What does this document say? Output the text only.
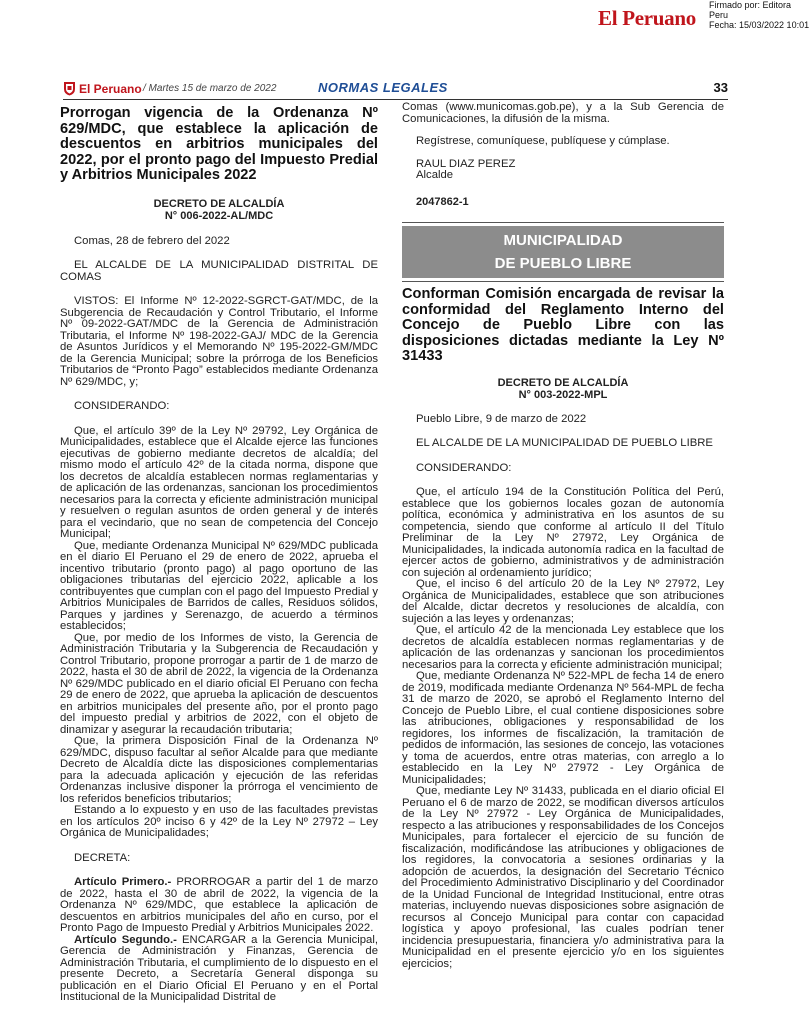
El Peruano
Firmado por: Editora
Peru
Fecha: 15/03/2022 10:01
El Peruano / Martes 15 de marzo de 2022	NORMAS LEGALES	33

Prorrogan vigencia de la Ordenanza Nº 629/MDC, que establece la aplicación de descuentos en arbitrios municipales del 2022, por el pronto pago del Impuesto Predial y Arbitrios Municipales 2022

DECRETO DE ALCALDÍA

N° 006-2022-AL/MDC

Comas, 28 de febrero del 2022

EL ALCALDE DE LA MUNICIPALIDAD DISTRITAL DE COMAS

VISTOS: El Informe Nº 12-2022-SGRCT-GAT/MDC, de la Subgerencia de Recaudación y Control Tributario, el Informe Nº 09-2022-GAT/MDC de la Gerencia de Administración Tributaria, el Informe Nº 198-2022-GAJ/ MDC de la Gerencia de Asuntos Jurídicos y el Memorando Nº 195-2022-GM/MDC de la Gerencia Municipal; sobre la prórroga de los Beneficios Tributarios de “Pronto Pago” establecidos mediante Ordenanza Nº 629/MDC, y;

CONSIDERANDO:

Que, el artículo 39º de la Ley Nº 29792, Ley Orgánica de Municipalidades, establece que el Alcalde ejerce las funciones ejecutivas de gobierno mediante decretos de alcaldía; del mismo modo el artículo 42º de la citada norma, dispone que los decretos de alcaldía establecen normas reglamentarias y de aplicación de las ordenanzas, sancionan los procedimientos necesarios para la correcta y eficiente administración municipal y resuelven o regulan asuntos de orden general y de interés para el vecindario, que no sean de competencia del Concejo Municipal;

Que, mediante Ordenanza Municipal Nº 629/MDC publicada en el diario El Peruano el 29 de enero de 2022, aprueba el incentivo tributario (pronto pago) al pago oportuno de las obligaciones tributarias del ejercicio 2022, aplicable a los contribuyentes que cumplan con el pago del Impuesto Predial y Arbitrios Municipales de Barridos de calles, Residuos sólidos, Parques y jardines y Serenazgo, de acuerdo a términos establecidos;

Que, por medio de los Informes de visto, la Gerencia de Administración Tributaria y la Subgerencia de Recaudación y Control Tributario, propone prorrogar a partir de 1 de marzo de 2022, hasta el 30 de abril de 2022, la vigencia de la Ordenanza Nº 629/MDC publicado en el diario oficial El Peruano con fecha 29 de enero de 2022, que aprueba la aplicación de descuentos en arbitrios municipales del presente año, por el pronto pago del impuesto predial y arbitrios de 2022, con el objeto de dinamizar y asegurar la recaudación tributaria;

Que, la primera Disposición Final de la Ordenanza Nº 629/MDC, dispuso facultar al señor Alcalde para que mediante Decreto de Alcaldía dicte las disposiciones complementarias para la adecuada aplicación y ejecución de las referidas Ordenanzas inclusive disponer la prórroga el vencimiento de los referidos beneficios tributarios;

Estando a lo expuesto y en uso de las facultades previstas en los artículos 20º inciso 6 y 42º de la Ley Nº 27972 – Ley Orgánica de Municipalidades;

DECRETA:

Artículo Primero.- PRORROGAR a partir del 1 de marzo de 2022, hasta el 30 de abril de 2022, la vigencia de la Ordenanza Nº 629/MDC, que establece la aplicación de descuentos en arbitrios municipales del año en curso, por el Pronto Pago de Impuesto Predial y Arbitrios Municipales 2022.

Artículo Segundo.- ENCARGAR a la Gerencia Municipal, Gerencia de Administración y Finanzas, Gerencia de Administración Tributaria, el cumplimiento de lo dispuesto en el presente Decreto, a Secretaría General disponga su publicación en el Diario Oficial El Peruano y en el Portal Institucional de la Municipalidad Distrital de

Comas (www.municomas.gob.pe), y a la Sub Gerencia de Comunicaciones, la difusión de la misma.

Regístrese, comuníquese, publíquese y cúmplase.

RAUL DIAZ PEREZ

Alcalde

2047862-1

MUNICIPALIDAD
DE PUEBLO LIBRE

Conforman Comisión encargada de revisar la conformidad del Reglamento Interno del Concejo de Pueblo Libre con las disposiciones dictadas mediante la Ley Nº 31433

DECRETO DE ALCALDÍA

N° 003-2022-MPL

Pueblo Libre, 9 de marzo de 2022

EL ALCALDE DE LA MUNICIPALIDAD DE PUEBLO LIBRE

CONSIDERANDO:

Que, el artículo 194 de la Constitución Política del Perú, establece que los gobiernos locales gozan de autonomía política, económica y administrativa en los asuntos de su competencia, siendo que conforme al artículo II del Título Preliminar de la Ley Nº 27972, Ley Orgánica de Municipalidades, la indicada autonomía radica en la facultad de ejercer actos de gobierno, administrativos y de administración con sujeción al ordenamiento jurídico;

Que, el inciso 6 del artículo 20 de la Ley Nº 27972, Ley Orgánica de Municipalidades, establece que son atribuciones del Alcalde, dictar decretos y resoluciones de alcaldía, con sujeción a las leyes y ordenanzas;

Que, el artículo 42 de la mencionada Ley establece que los decretos de alcaldía establecen normas reglamentarias y de aplicación de las ordenanzas y sancionan los procedimientos necesarios para la correcta y eficiente administración municipal;

Que, mediante Ordenanza Nº 522-MPL de fecha 14 de enero de 2019, modificada mediante Ordenanza Nº 564-MPL de fecha 31 de marzo de 2020, se aprobó el Reglamento Interno del Concejo de Pueblo Libre, el cual contiene disposiciones sobre las atribuciones, obligaciones y responsabilidad de los regidores, los informes de fiscalización, la tramitación de pedidos de información, las sesiones de concejo, las votaciones y toma de acuerdos, entre otras materias, con arreglo a lo establecido en la Ley Nº 27972 - Ley Orgánica de Municipalidades;

Que, mediante Ley Nº 31433, publicada en el diario oficial El Peruano el 6 de marzo de 2022, se modifican diversos artículos de la Ley Nº 27972 - Ley Orgánica de Municipalidades, respecto a las atribuciones y responsabilidades de los Concejos Municipales, para fortalecer el ejercicio de su función de fiscalización, modificándose las atribuciones y obligaciones de los regidores, la convocatoria a sesiones ordinarias y la adopción de acuerdos, la designación del Secretario Técnico del Procedimiento Administrativo Disciplinario y del Coordinador de la Unidad Funcional de Integridad Institucional, entre otras materias, incluyendo nuevas disposiciones sobre asignación de recursos al Concejo Municipal para contar con capacidad logística y apoyo profesional, las cuales podrían tener incidencia presupuestaria, financiera y/o administrativa para la Municipalidad en el presente ejercicio y/o en los siguientes ejercicios;
